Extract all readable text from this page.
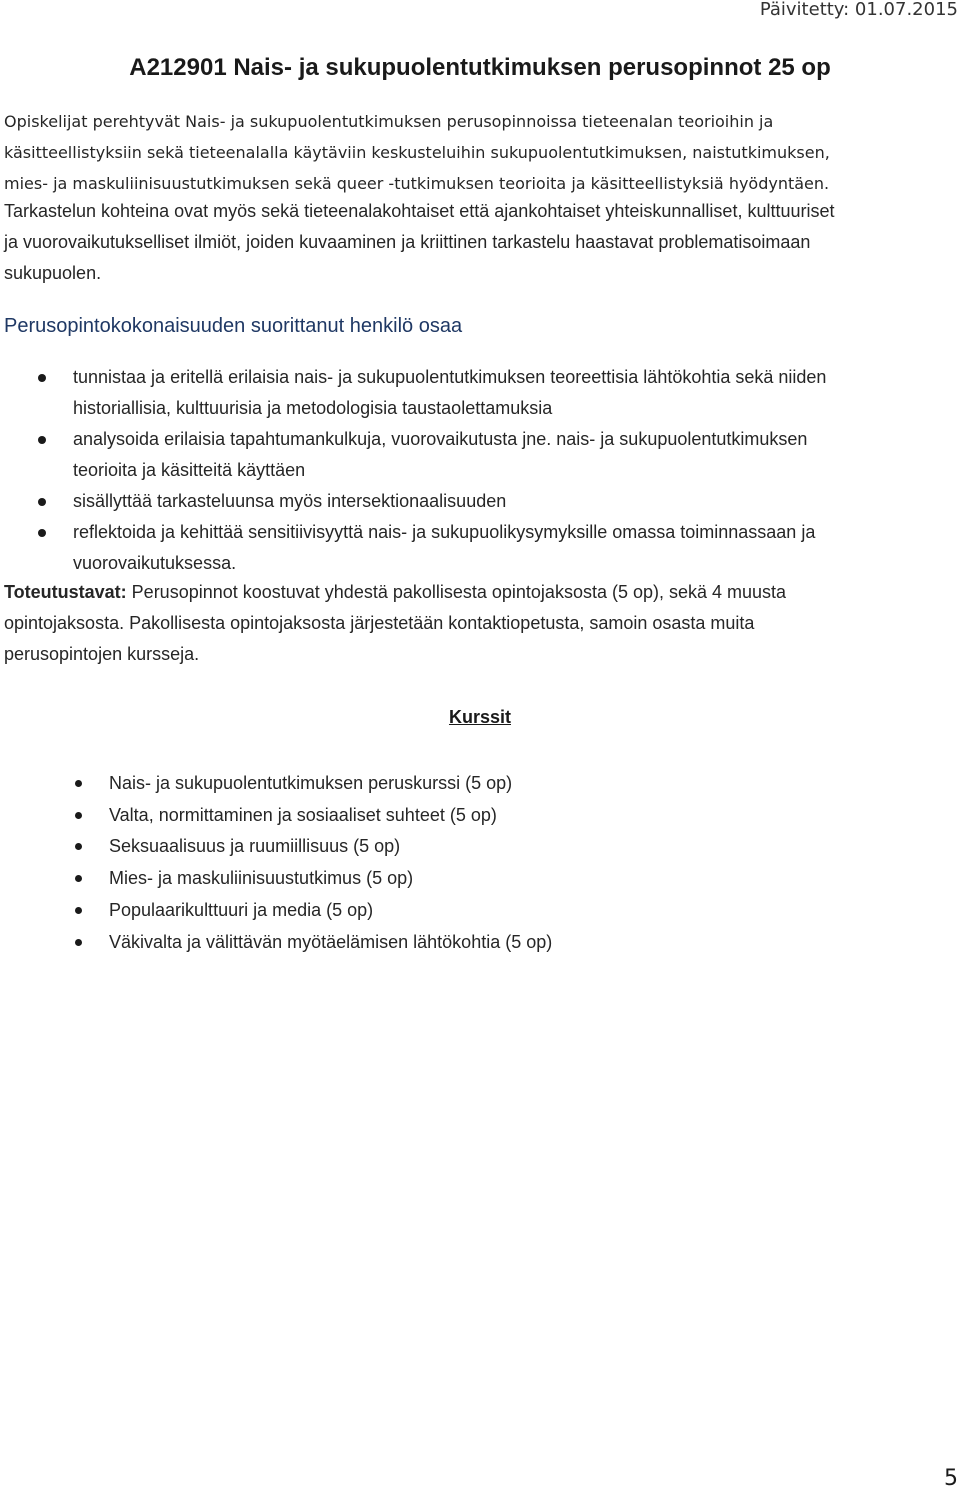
Päivitetty: 01.07.2015
A212901 Nais- ja sukupuolentutkimuksen perusopinnot 25 op
Opiskelijat perehtyvät Nais- ja sukupuolentutkimuksen perusopinnoissa tieteenalan teorioihin ja
käsitteellistyksiin sekä tieteenalalla käytäviin keskusteluihin sukupuolentutkimuksen, naistutkimuksen,
mies- ja maskuliinisuustutkimuksen sekä queer -tutkimuksen teorioita ja käsitteellistyksiä hyödyntäen.
Tarkastelun kohteina ovat myös sekä tieteenalakohtaiset että ajankohtaiset yhteiskunnalliset, kulttuuriset
ja vuorovaikutukselliset ilmiöt, joiden kuvaaminen ja kriittinen tarkastelu haastavat problematisoimaan
sukupuolen.
Perusopintokokonaisuuden suorittanut henkilö osaa
tunnistaa ja eritellä erilaisia nais- ja sukupuolentutkimuksen teoreettisia lähtökohtia sekä niiden
historiallisia, kulttuurisia ja metodologisia taustaolettamuksia
analysoida erilaisia tapahtumankulkuja, vuorovaikutusta jne. nais- ja sukupuolentutkimuksen
teorioita ja käsitteitä käyttäen
sisällyttää tarkasteluunsa myös intersektionaalisuuden
reflektoida ja kehittää sensitiivisyyttä nais- ja sukupuolikysymyksille omassa toiminnassaan ja
vuorovaikutuksessa.
Toteutustavat: Perusopinnot koostuvat yhdestä pakollisesta opintojaksosta (5 op), sekä 4 muusta
opintojaksosta. Pakollisesta opintojaksosta järjestetään kontaktiopetusta, samoin osasta muita
perusopintojen kursseja.
Kurssit
Nais- ja sukupuolentutkimuksen peruskurssi (5 op)
Valta, normittaminen ja sosiaaliset suhteet (5 op)
Seksuaalisuus ja ruumiillisuus (5 op)
Mies- ja maskuliinisuustutkimus (5 op)
Populaarikulttuuri ja media (5 op)
Väkivalta ja välittävän myötäelämisen lähtökohtia (5 op)
5
